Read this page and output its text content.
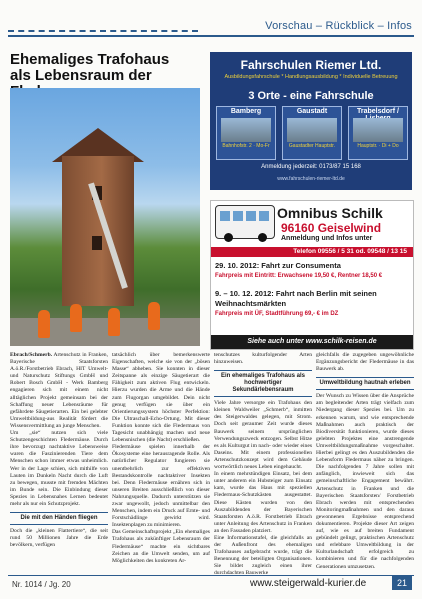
Vorschau – Rückblick – Infos
Ehemaliges Trafohaus
als Lebensraum der
Fahrschulen Riemer Ltd.
Ausbildungsfahrschule * Handlungsausbildung * Individuelle Betreuung
3 Orte - eine Fahrschule
Bamberg
Bahnhofstr. 2 · Mo-Fr
Gaustadt
Gaustadter Hauptstr.
Trabelsdorf /
Hauptstr. · Di + Do
Anmeldung jederzeit: 0173/87 15 168
www.fahrschulen-riemer-ltd.de
Omnibus Schilk
96160 Geiselwind
Anmeldung und Infos unter
Telefon 09556 / 5 31 od. 09548 / 13 15
29. 10. 2012: Fahrt zur Consumenta
Fahrpreis mit Eintritt: Erwachsene 19,50 €, Rentner 18,50 €
9. – 10. 12. 2012: Fahrt nach Berlin mit seinen Weihnachtsmärkten
Fahrpreis mit ÜF, Stadtführung 69,- € im DZ
Siehe auch unter www.schilk-reisen.de

Ebrach/Schmerb. Artenschutz in Franken, Bayerische Staatsforsten A.ö.R./Forstbetrieb Ebrach, HIT Umwelt- und Naturschutz Stiftungs GmbH und Robert Bosch GmbH - Werk Bamberg engagieren sich mit einem nicht alltäglichen Projekt gemeinsam bei der Schaffung neuer Lebensräume für gefährdete Säugetierarten. Ein bei gelebter Umweltbildung-aus Realität fördert die Wissensvermittlung an junge Menschen.

Um „sie“ nutzen sich viele Schutzengeschichten Fledermäuse. Durch ihre bevorzugt nachtaktive Lebensweise waren die Faszinierenden Tiere dem Menschen schon immer etwas unheimlich. Wer in der Lage schien, sich mithilfe von Lauten im Dunkeln Nacht durch die Luft zu bewegen, musste mit fremden Mächten im Bunde sein. Die Einbindung dieser Spezies in Lebensnahes Lernen bedeutet mehr als nur ein Schutzprojekt.

Die mit den Händen fliegen

Doch die „kleinen Flattertiere“, die seit rund 50 Millionen Jahre die Erde bevölkern, verfügen

tatsächlich über bemerkenswerte Eigenschaften, welche sie von der „bösen Masse“ abheben. Sie konnten in dieser Zeitspanne als einzige Säugetierart die Fähigkeit zum aktiven Flug entwickeln. Hierzu wurden die Arme und die Hände zum Flugorgan umgebildet. Dein nicht genug verfügen sie über ein Orientierungssystem höchster Perfektion: Die Ultraschall-Echo-Ortung. Mit dieser Funktion konnte sich die Fledermaus von Tagesicht unabhängig machen und neue Lebensnischen (die Nacht) erschließen.

Fledermäuse spielen innerhalb der Ökosysteme eine herausragende Rolle. Als natürlicher Regulator fungieren sie unentbehrlich zur effektiven Bestandskontrolle nachtaktiver Insekten bei. Denn Fledermäuse ernähren sich in unseren Breiten ausschließlich von dieser Nahrungsquelle. Dadurch unterstützen sie zwar ungewollt, jedoch unmittelbar den Menschen, indem ein Druck auf Ernte- und Forstschädlinge gewirkt wird. Insektenplagen zu minimieren.

Das Gemeinschaftsprojekt „Ein ehemaliges Trafohaus als zukünftiger Lebensraum der Fledermäuse“ machte ein sichtbares Zeichen an die Umwelt senden, um auf Möglichkeiten des konkreten Ar-

tenschutzes kulturfolgender Arten hinzuweisen.

Ein ehemaliges Trafohaus als hochwertiger Sekundärlebensraum

Viele Jahre versorgte ein Trafohaus den kleinen Waldweiler „Schmerb“, inmitten des Steigerwaldes gelegen, mit Strom. Doch seit geraumer Zeit wurde dieses Bauwerk seinem ursprünglichen Verwendungszweck entzogen. Selbst Hitze es als Kulturgut im nach- oder wieder eines Daseins. Mit einem professionellen Artenschutzkonzept wird dem Gebäude wortwörtlich neues Leben eingehaucht.

In einem mehrstündigen Einsatz, bei dem unter anderem ein Hubsteiger zum Einsatz kam, wurde das Haus mit speziellen Fledermaus-Schutzkästen ausgestattet. Diese Kästen wurden von den Auszubildenden der Bayerischen Staatsforsten A.ö.R. Forstbetrieb Ebrach unter Anleitung des Artenschutz in Franken an den Fassaden platziert.

Eine Informationstafel, die gleichfalls an der Außenfront des ehemaligen Trafohauses aufgebracht wurde, trägt die Benennung der beteiligten Organisationen. Sie bildet zugleich einen ihrer durchdachten Bauwerke

gleichfalls die zugegeben ungewöhnliche Ergänzungsbericht der Fledermäuse in das Bauwerk ab.

Umweltbildung hautnah erleben

Der Wunsch zu Wissen über die Ansprüche am begleitender Arten trägt vielfach zum Niedergang dieser Spezies bei. Um zu erkennen warum, und wie entsprechende Maßnahmen auch praktisch der Biodiversität funktionieren, wurde dieses gelebten Projektes eine anstrengende Umweltbildungsmaßnahme vorgeschaltet. Hierbei gelingt es den Auszubildenden die Lebensform Fledermaus näher zu bringen. Die nachfolgenden 7 Jahre sollen mit anfänglich, inwieweit sich das gemeinschaftliche Engagement bewährt. Artenschutz in Franken und die Bayerischen Staatsforsten/ Forstbetrieb Ebrach werden mit entsprechenden Monitoringmaßnahmen und den daraus gewonnenen Ergebnisse entsprechend dokumentieren. Projekte dieser Art zeigen auf, wie es auf breiten Fundament gebündelt gelingt, praktischen Artenschutz und erlebbare Umweltbildung in der Kulturlandschaft erfolgreich zu kombinieren und für die nachfolgenden Generationen umzusetzen.

Nr. 1014 / Jg. 20	www.steigerwald-kurier.de	21
